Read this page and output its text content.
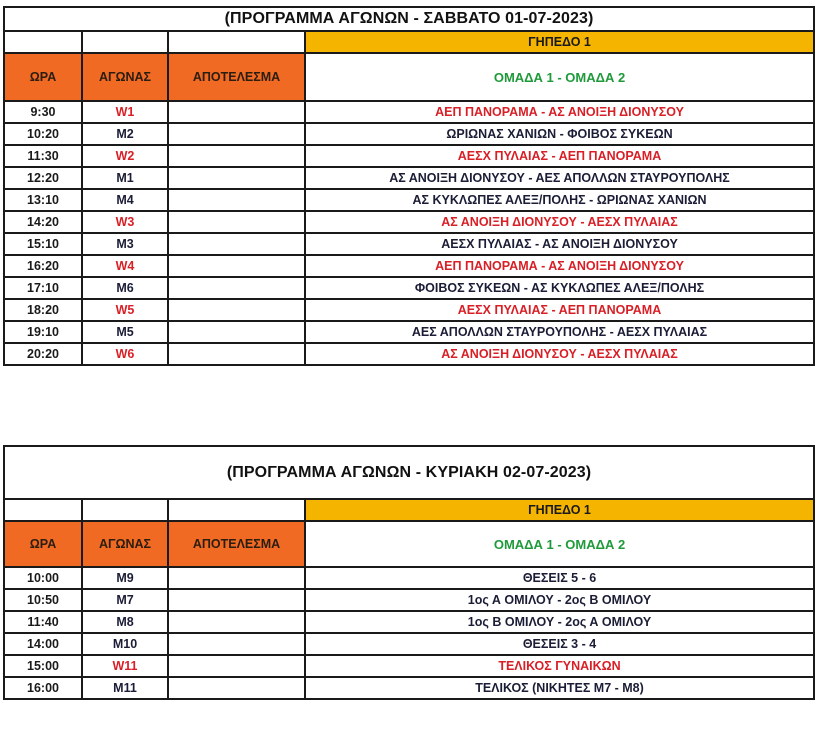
(ΠΡΟΓΡΑΜΜΑ ΑΓΩΝΩΝ - ΣΑΒΒΑΤΟ 01-07-2023)			
			ΓΗΠΕΔΟ 1
ΩΡΑ	ΑΓΩΝΑΣ	ΑΠΟΤΕΛΕΣΜΑ	ΟΜΑΔΑ 1 - ΟΜΑΔΑ 2
9:30	W1		ΑΕΠ ΠΑΝΟΡΑΜΑ - ΑΣ ΑΝΟΙΞΗ ΔΙΟΝΥΣΟΥ
10:20	M2		ΩΡΙΩΝΑΣ ΧΑΝΙΩΝ - ΦΟΙΒΟΣ ΣΥΚΕΩΝ
11:30	W2		ΑΕΣΧ ΠΥΛΑΙΑΣ - ΑΕΠ ΠΑΝΟΡΑΜΑ
12:20	M1		ΑΣ ΑΝΟΙΞΗ ΔΙΟΝΥΣΟΥ - ΑΕΣ ΑΠΟΛΛΩΝ ΣΤΑΥΡΟΥΠΟΛΗΣ
13:10	M4		ΑΣ ΚΥΚΛΩΠΕΣ ΑΛΕΞ/ΠΟΛΗΣ - ΩΡΙΩΝΑΣ ΧΑΝΙΩΝ
14:20	W3		ΑΣ ΑΝΟΙΞΗ ΔΙΟΝΥΣΟΥ - ΑΕΣΧ ΠΥΛΑΙΑΣ
15:10	M3		ΑΕΣΧ ΠΥΛΑΙΑΣ - ΑΣ ΑΝΟΙΞΗ ΔΙΟΝΥΣΟΥ
16:20	W4		ΑΕΠ ΠΑΝΟΡΑΜΑ - ΑΣ ΑΝΟΙΞΗ ΔΙΟΝΥΣΟΥ
17:10	M6		ΦΟΙΒΟΣ ΣΥΚΕΩΝ - ΑΣ ΚΥΚΛΩΠΕΣ ΑΛΕΞ/ΠΟΛΗΣ
18:20	W5		ΑΕΣΧ ΠΥΛΑΙΑΣ - ΑΕΠ ΠΑΝΟΡΑΜΑ
19:10	M5		ΑΕΣ ΑΠΟΛΛΩΝ ΣΤΑΥΡΟΥΠΟΛΗΣ - ΑΕΣΧ ΠΥΛΑΙΑΣ
20:20	W6		ΑΣ ΑΝΟΙΞΗ ΔΙΟΝΥΣΟΥ - ΑΕΣΧ ΠΥΛΑΙΑΣ
(ΠΡΟΓΡΑΜΜΑ ΑΓΩΝΩΝ - ΚΥΡΙΑΚΗ 02-07-2023)			
			ΓΗΠΕΔΟ 1
ΩΡΑ	ΑΓΩΝΑΣ	ΑΠΟΤΕΛΕΣΜΑ	ΟΜΑΔΑ 1 - ΟΜΑΔΑ 2
10:00	M9		ΘΕΣΕΙΣ 5 - 6
10:50	M7		1ος Α ΟΜΙΛΟΥ - 2ος Β ΟΜΙΛΟΥ
11:40	M8		1ος Β ΟΜΙΛΟΥ - 2ος Α ΟΜΙΛΟΥ
14:00	M10		ΘΕΣΕΙΣ 3 - 4
15:00	W11		ΤΕΛΙΚΟΣ ΓΥΝΑΙΚΩΝ
16:00	M11		ΤΕΛΙΚΟΣ (ΝΙΚΗΤΕΣ Μ7 - Μ8)
